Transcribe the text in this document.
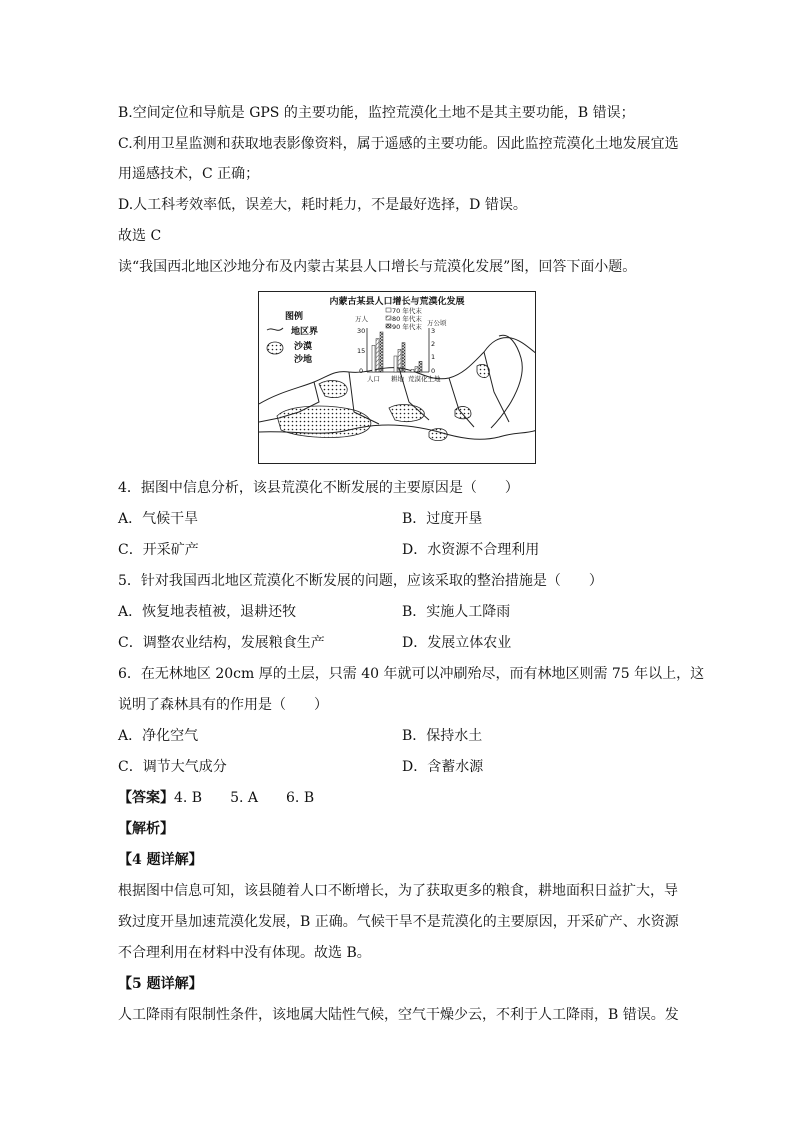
B.空间定位和导航是 GPS 的主要功能，监控荒漠化土地不是其主要功能，B 错误；
C.利用卫星监测和获取地表影像资料，属于遥感的主要功能。因此监控荒漠化土地发展宜选
用遥感技术，C 正确；
D.人工科考效率低，误差大，耗时耗力，不是最好选择，D 错误。
故选 C
读“我国西北地区沙地分布及内蒙古某县人口增长与荒漠化发展”图，回答下面小题。
内蒙古某县人口增长与荒漠化发展
图例
地区界
沙漠
沙地
万人	万公顷
70 年代末
80 年代末
90 年代末
30
15
0
3
2
1
0
人口 耕地 荒漠化土地
4．据图中信息分析，该县荒漠化不断发展的主要原因是（　　）
A．气候干旱	B．过度开垦
C．开采矿产	D．水资源不合理利用
5．针对我国西北地区荒漠化不断发展的问题，应该采取的整治措施是（　　）
A．恢复地表植被，退耕还牧	B．实施人工降雨
C．调整农业结构，发展粮食生产	D．发展立体农业
6．在无林地区 20cm 厚的土层，只需 40 年就可以冲刷殆尽，而有林地区则需 75 年以上，这
说明了森林具有的作用是（　　）
A．净化空气	B．保持水土
C．调节大气成分	D．含蓄水源
【答案】4. B　　5. A　　6. B
【解析】
【4 题详解】
根据图中信息可知，该县随着人口不断增长，为了获取更多的粮食，耕地面积日益扩大，导
致过度开垦加速荒漠化发展，B 正确。气候干旱不是荒漠化的主要原因，开采矿产、水资源
不合理利用在材料中没有体现。故选 B。
【5 题详解】
人工降雨有限制性条件，该地属大陆性气候，空气干燥少云，不利于人工降雨，B 错误。发
